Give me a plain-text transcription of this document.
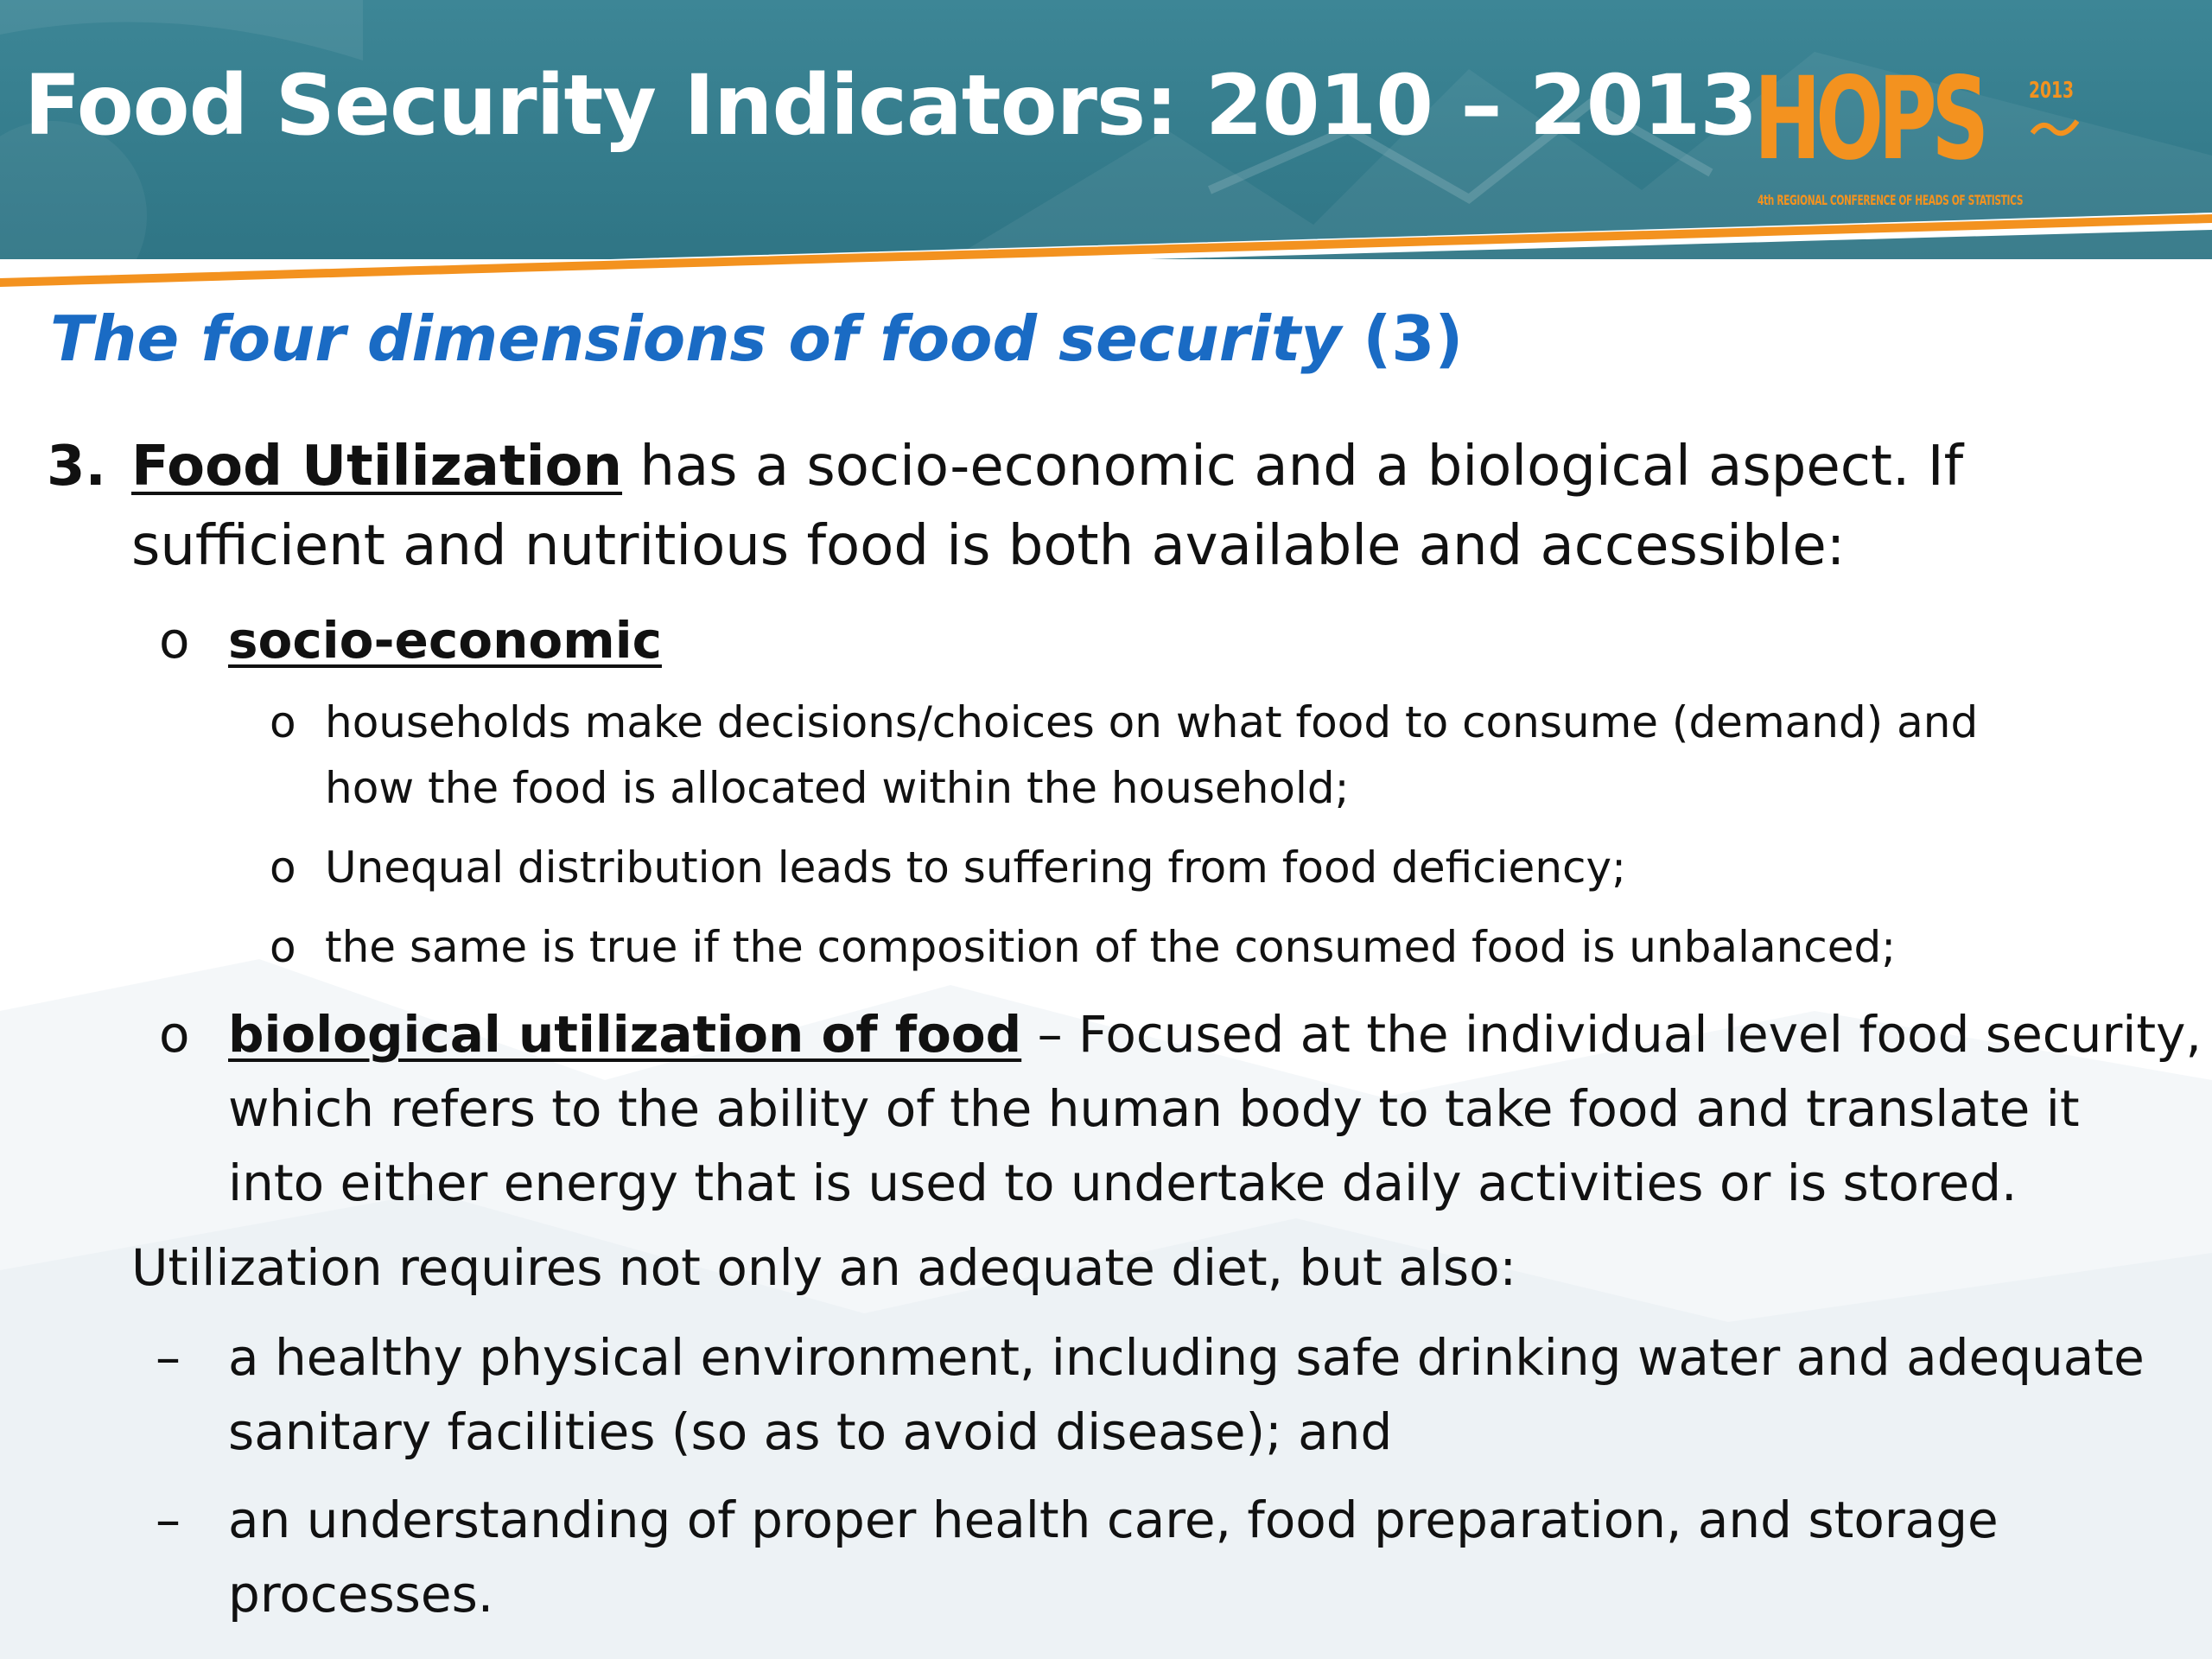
Food Security Indicators: 2010 – 2013
HOPS 2013
4th REGIONAL CONFERENCE OF HEADS OF STATISTICS
The four dimensions of food security (3)
3. Food Utilization has a socio-economic and a biological aspect. If
sufficient and nutritious food is both available and accessible:
o socio-economic
o households make decisions/choices on what food to consume (demand) and
how the food is allocated within the household;
o Unequal distribution leads to suffering from food deficiency;
o the same is true if the composition of the consumed food is unbalanced;
o biological utilization of food – Focused at the individual level food security,
which refers to the ability of the human body to take food and translate it
into either energy that is used to undertake daily activities or is stored.
Utilization requires not only an adequate diet, but also:
– a healthy physical environment, including safe drinking water and adequate
sanitary facilities (so as to avoid disease); and
– an understanding of proper health care, food preparation, and storage
processes.
